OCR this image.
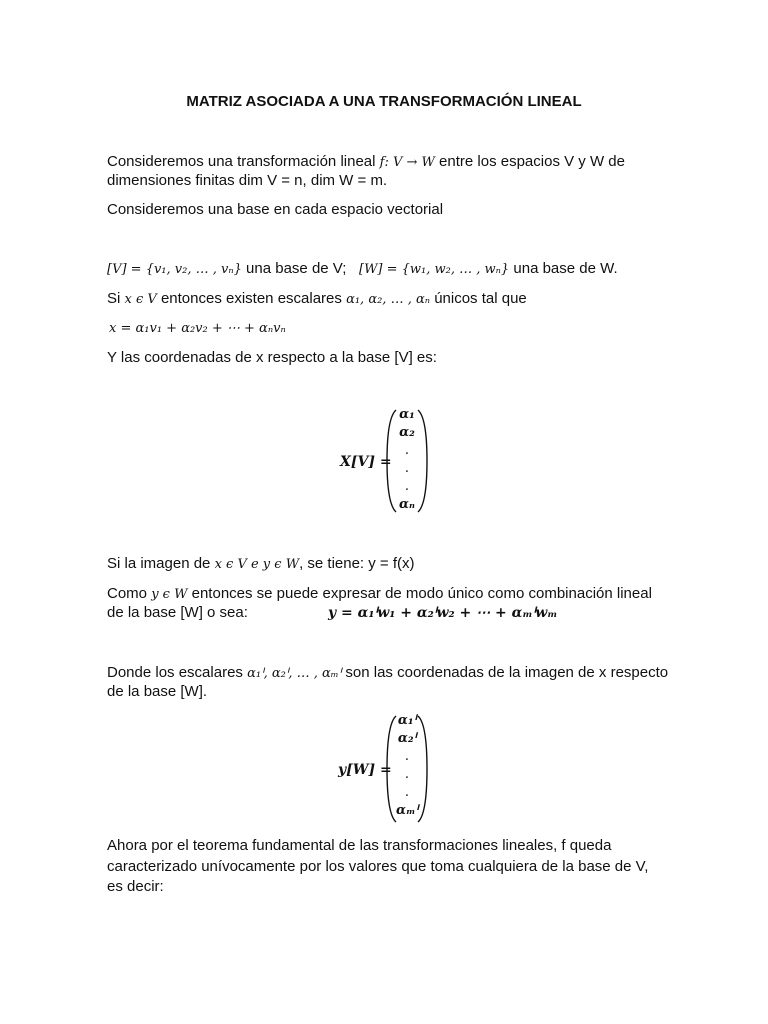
MATRIZ ASOCIADA A UNA TRANSFORMACIÓN LINEAL
Consideremos una transformación lineal f: V → W entre los espacios V y W de
dimensiones finitas dim V = n, dim W = m.
Consideremos una base en cada espacio vectorial
[V] = {v₁, v₂, … , vₙ} una base de V; [W] = {w₁, w₂, … , wₙ} una base de W.
Si x ϵ V entonces existen escalares α₁, α₂, … , αₙ únicos tal que
x = α₁v₁ + α₂v₂ + ⋯ + αₙvₙ
Y las coordenadas de x respecto a la base [V] es:
X[V] =
α₁
α₂
.
.
.
αₙ
Si la imagen de x ϵ V e y ϵ W, se tiene: y = f(x)
Como y ϵ W entonces se puede expresar de modo único como combinación lineal
de la base [W] o sea:	y = α₁ᑊw₁ + α₂ᑊw₂ + ⋯ + αₘᑊwₘ
Donde los escalares α₁ᑊ, α₂ᑊ, … , αₘᑊ son las coordenadas de la imagen de x respecto
de la base [W].
y[W] =
α₁ᑊ
α₂ᑊ
.
.
.
αₘᑊ
Ahora por el teorema fundamental de las transformaciones lineales, f queda
caracterizado unívocamente por los valores que toma cualquiera de la base de V,
es decir:
